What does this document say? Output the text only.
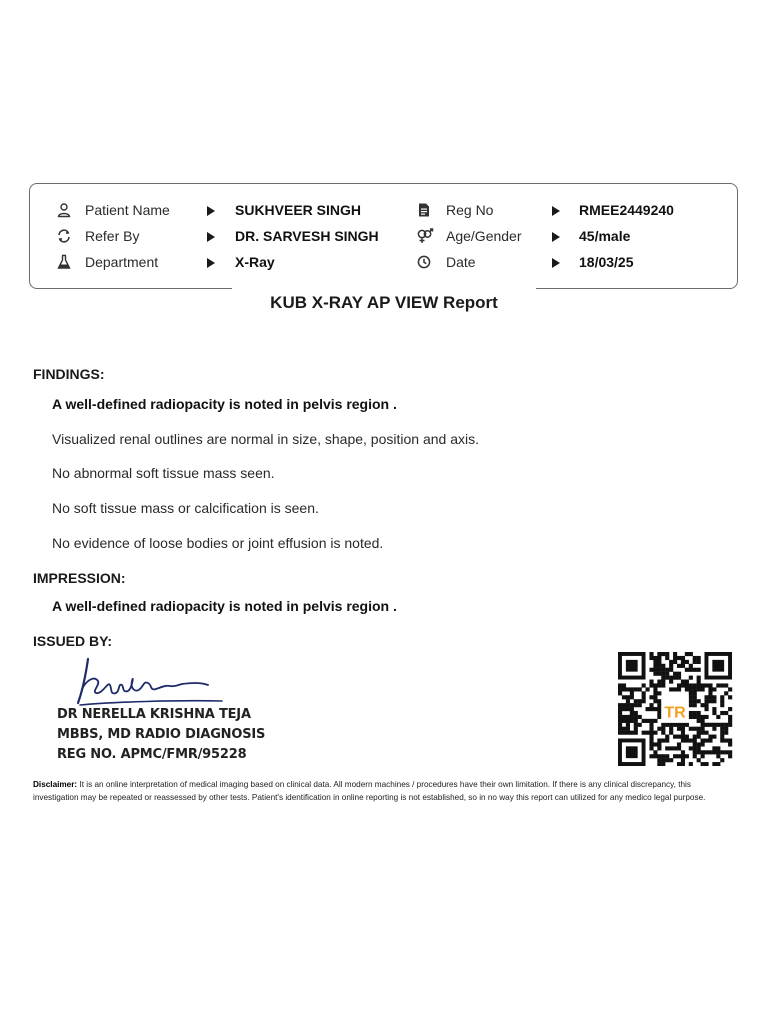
Patient Name	SUKHVEER SINGH	Reg No	RMEE2449240
Refer By	DR. SARVESH SINGH	Age/Gender	45/male
Department	X-Ray	Date	18/03/25
KUB X-RAY AP VIEW Report
FINDINGS:
A well-defined radiopacity is noted in pelvis region .
Visualized renal outlines are normal in size, shape, position and axis.
No abnormal soft tissue mass seen.
No soft tissue mass or calcification is seen.
No evidence of loose bodies or joint effusion is noted.
IMPRESSION:
A well-defined radiopacity is noted in pelvis region .
ISSUED BY:
DR NERELLA KRISHNA TEJA
MBBS, MD RADIO DIAGNOSIS
REG NO. APMC/FMR/95228
TR
Disclaimer: It is an online interpretation of medical imaging based on clinical data. All modern machines / procedures have their own limitation. If there is any clinical discrepancy, this investigation may be repeated or reassessed by other tests. Patient's identification in online reporting is not established, so in no way this report can utilized for any medico legal purpose.
